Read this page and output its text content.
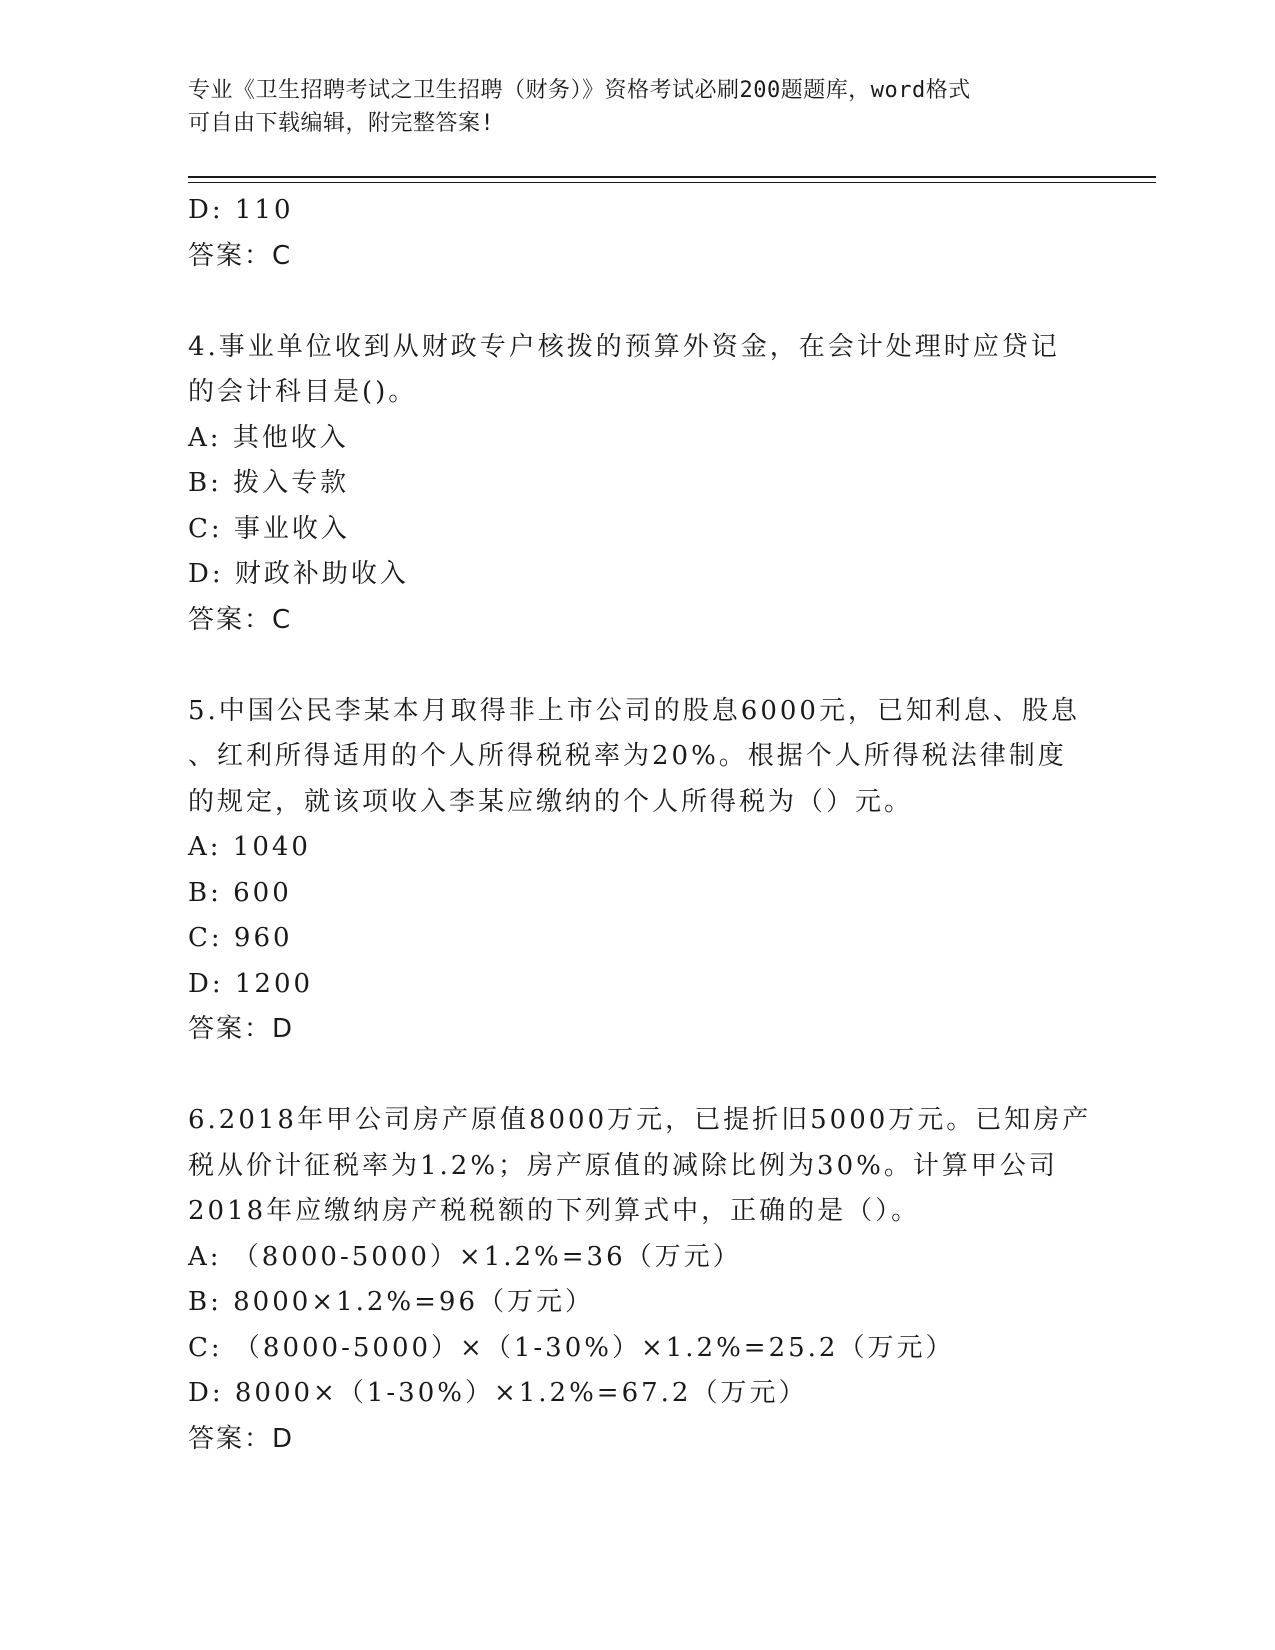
专业《卫生招聘考试之卫生招聘（财务）》资格考试必刷200题题库，word格式
可自由下载编辑，附完整答案!
D: 110
答案：C
4.事业单位收到从财政专户核拨的预算外资金，在会计处理时应贷记
的会计科目是()。
A: 其他收入
B: 拨入专款
C: 事业收入
D: 财政补助收入
答案：C
5.中国公民李某本月取得非上市公司的股息6000元，已知利息、股息
、红利所得适用的个人所得税税率为20%。根据个人所得税法律制度
的规定，就该项收入李某应缴纳的个人所得税为（）元。
A: 1040
B: 600
C: 960
D: 1200
答案：D
6.2018年甲公司房产原值8000万元，已提折旧5000万元。已知房产
税从价计征税率为1.2%；房产原值的减除比例为30%。计算甲公司
2018年应缴纳房产税税额的下列算式中，正确的是（）。
A: （8000-5000）×1.2%=36（万元）
B: 8000×1.2%=96（万元）
C: （8000-5000）×（1-30%）×1.2%=25.2（万元）
D: 8000×（1-30%）×1.2%=67.2（万元）
答案：D
